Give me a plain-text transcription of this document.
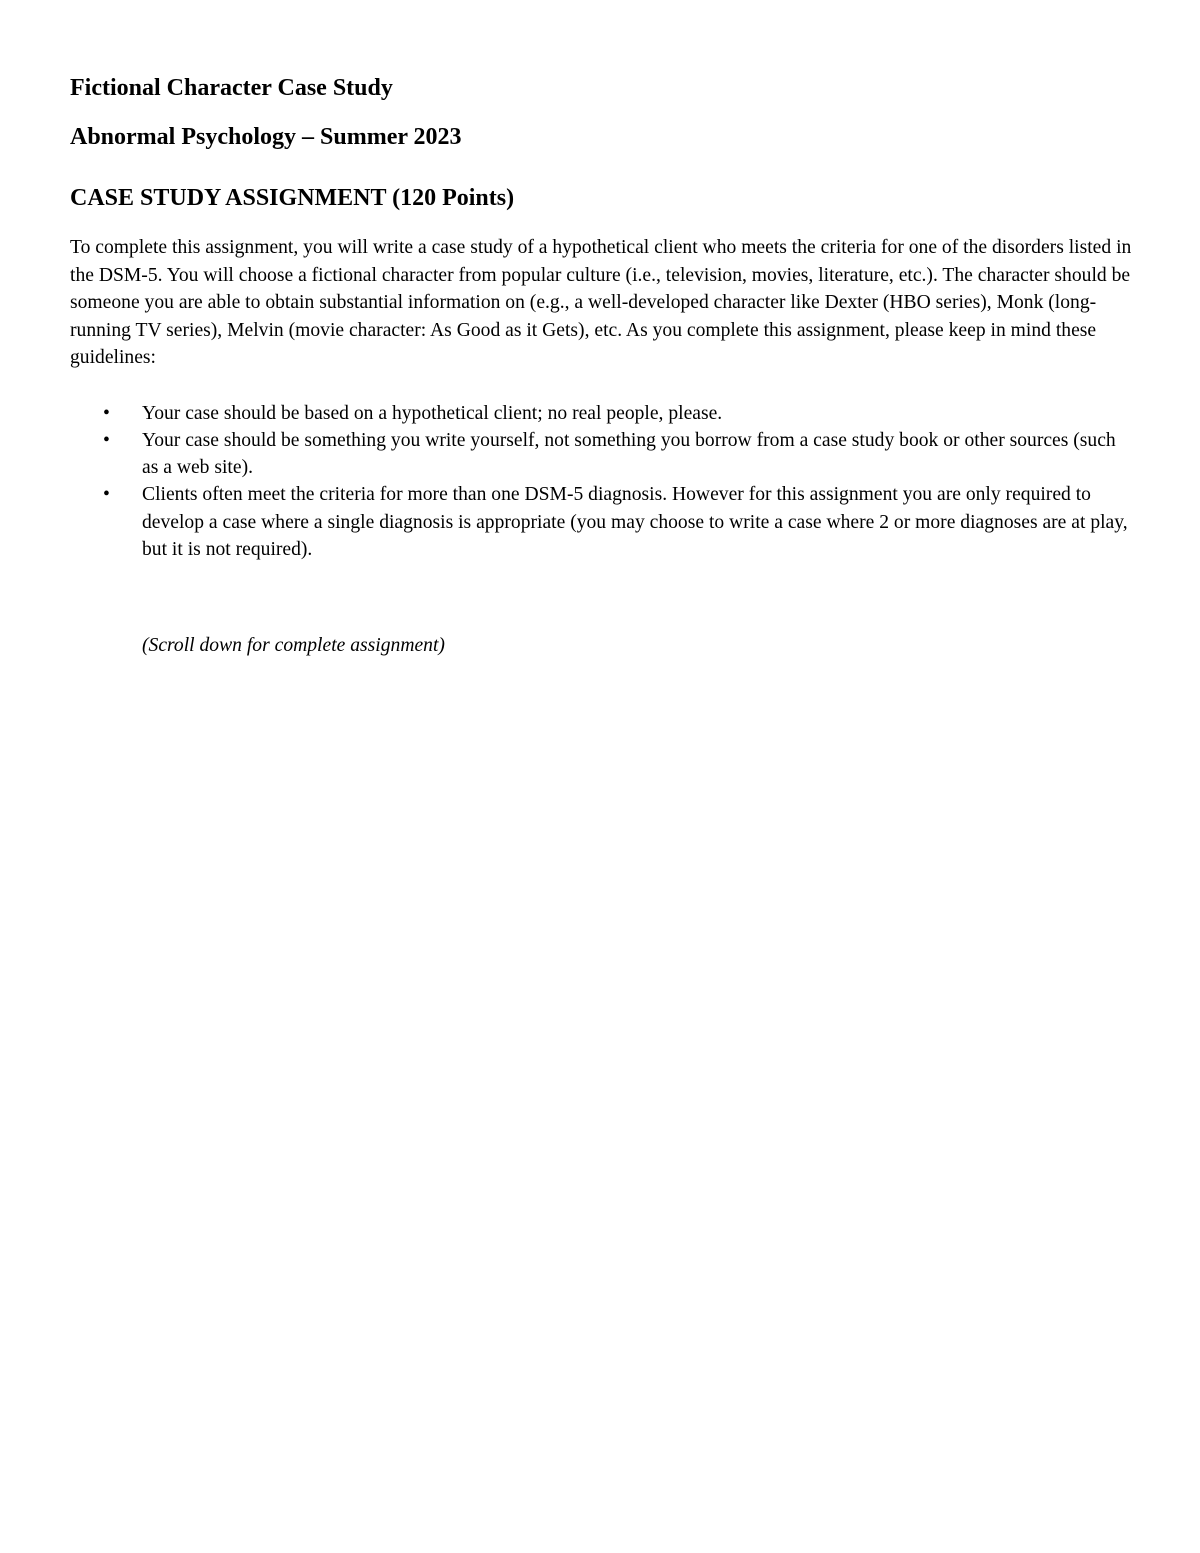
Fictional Character Case Study
Abnormal Psychology – Summer 2023
CASE STUDY ASSIGNMENT (120 Points)

To complete this assignment, you will write a case study of a hypothetical client who meets the criteria for one of the disorders listed in the DSM-5. You will choose a fictional character from popular culture (i.e., television, movies, literature, etc.). The character should be someone you are able to obtain substantial information on (e.g., a well-developed character like Dexter (HBO series), Monk (long-running TV series), Melvin (movie character: As Good as it Gets), etc. As you complete this assignment, please keep in mind these guidelines:

• Your case should be based on a hypothetical client; no real people, please.
• Your case should be something you write yourself, not something you borrow from a case study book or other sources (such as a web site).
• Clients often meet the criteria for more than one DSM-5 diagnosis. However for this assignment you are only required to develop a case where a single diagnosis is appropriate (you may choose to write a case where 2 or more diagnoses are at play, but it is not required).

(Scroll down for complete assignment)
